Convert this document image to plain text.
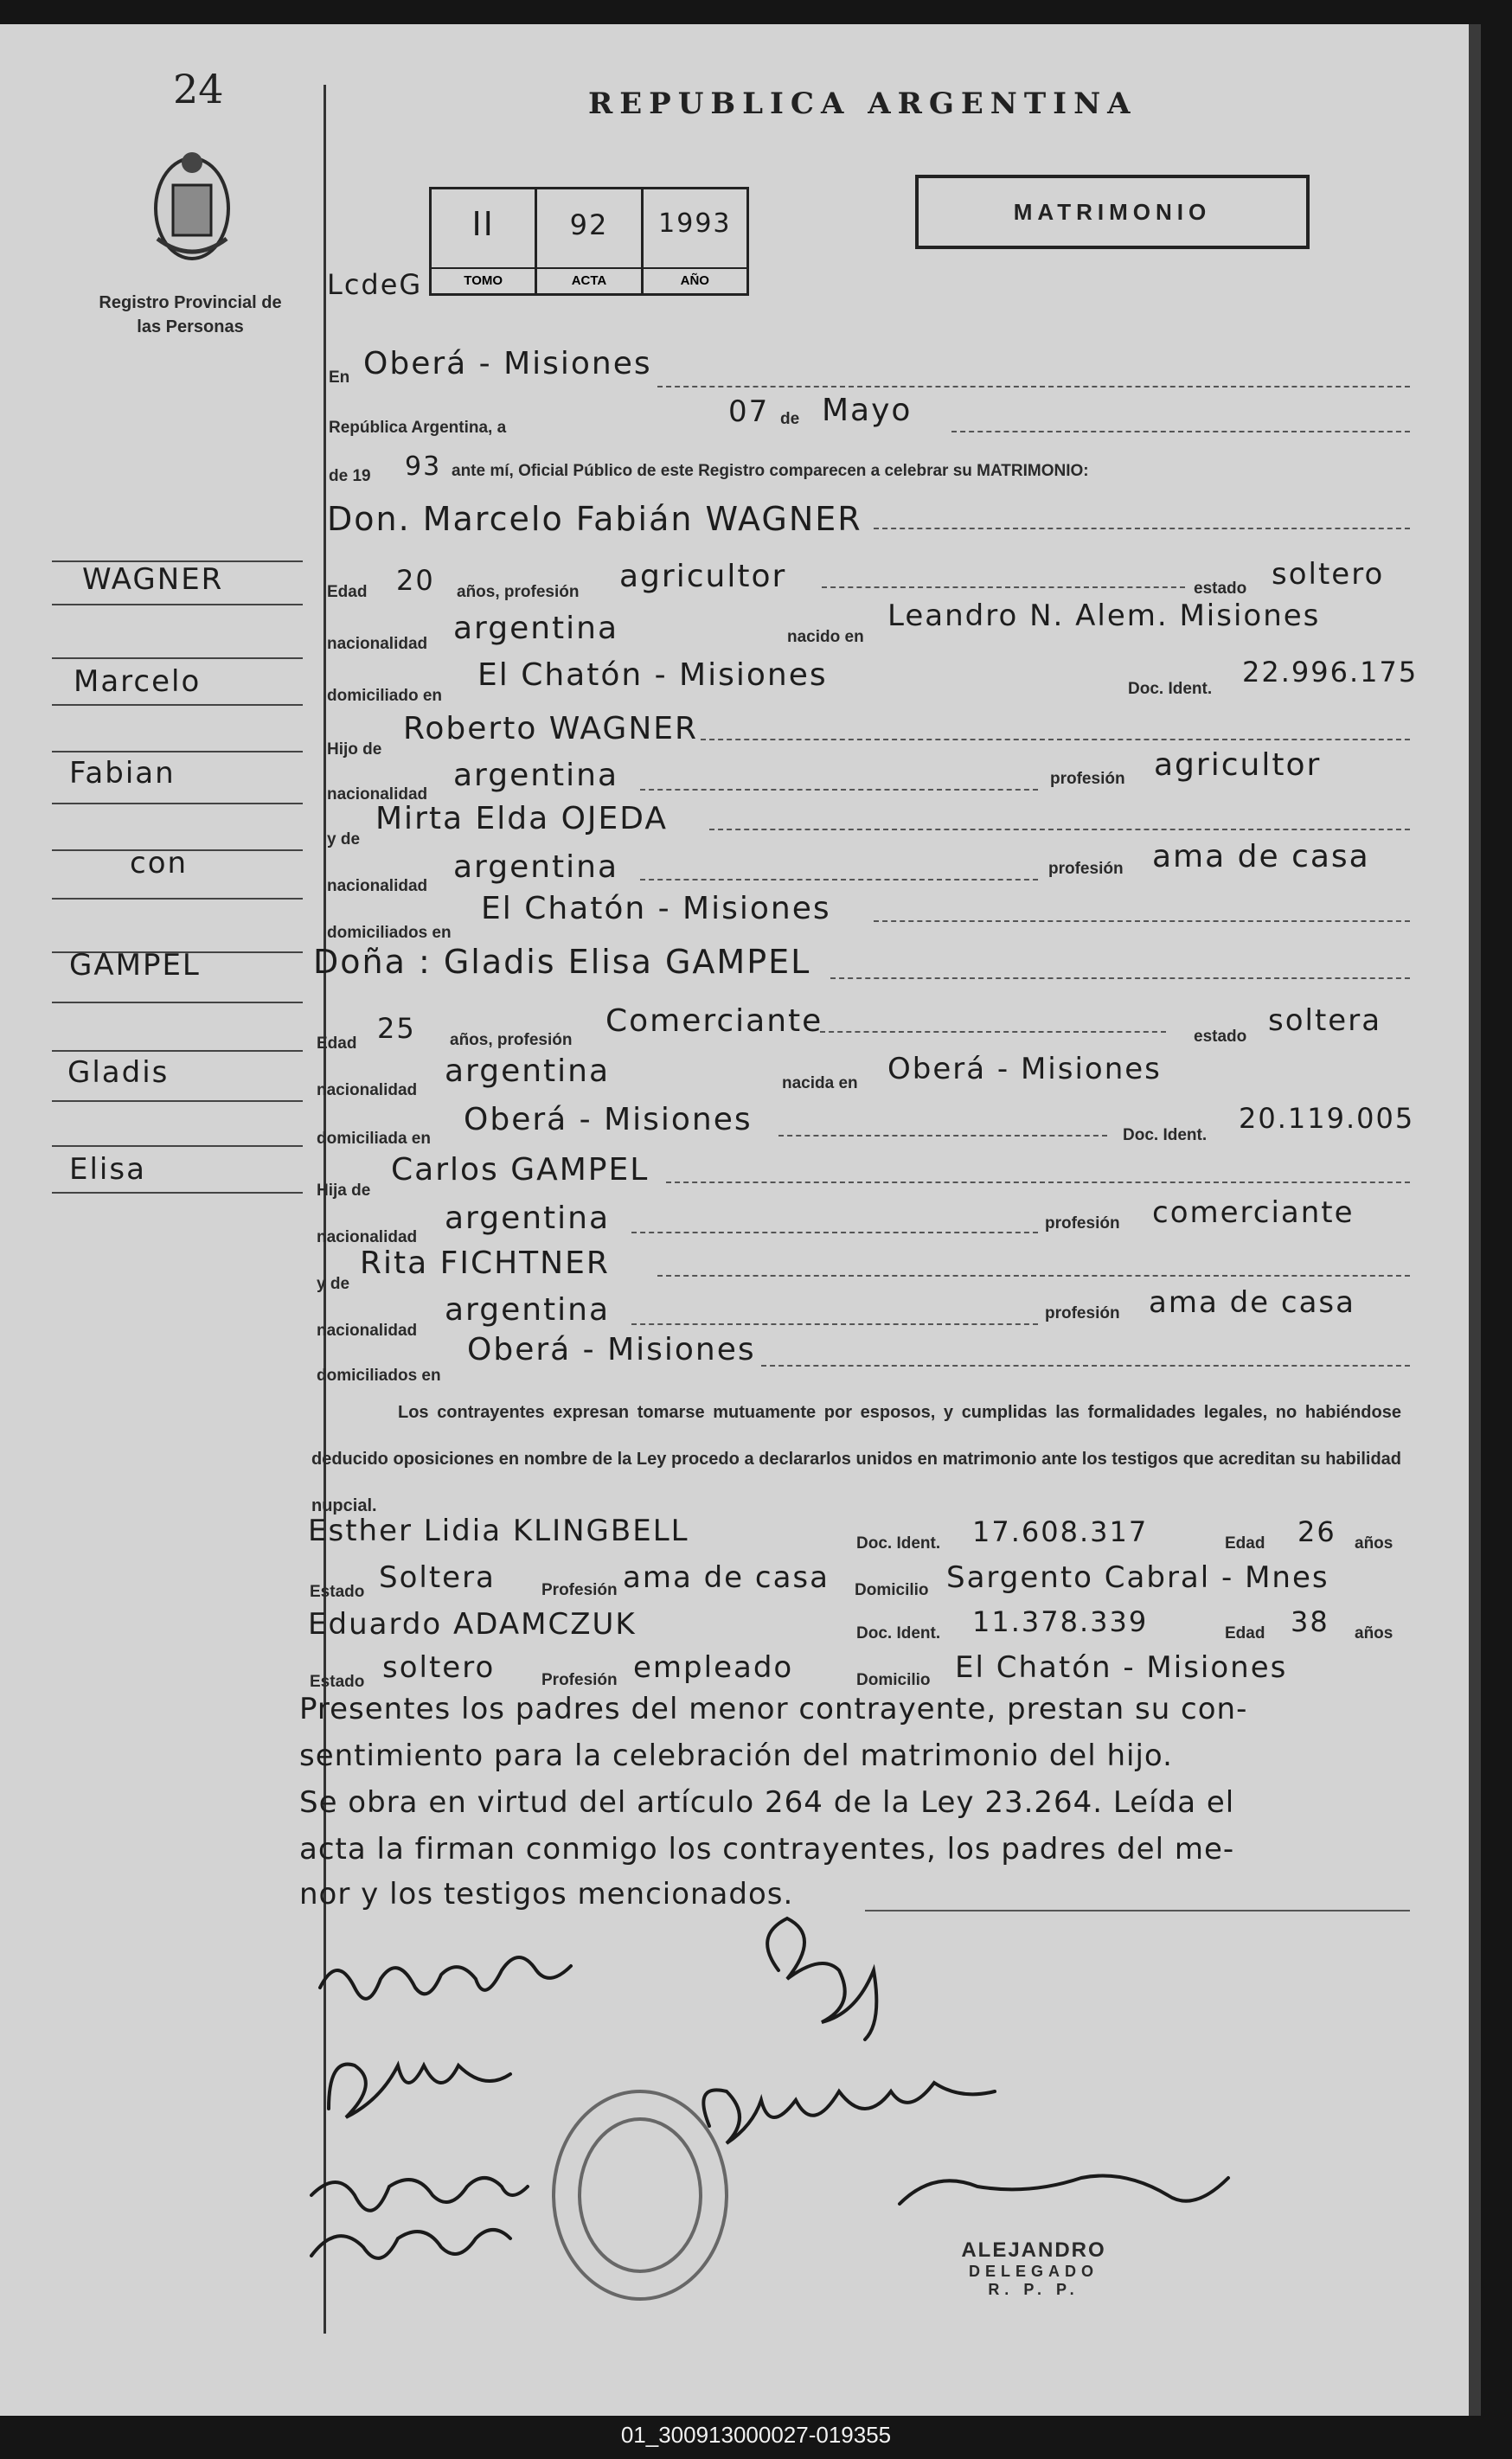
24
Registro Provincial de las Personas
WAGNER
Marcelo
Fabian
con
GAMPEL
Gladis
Elisa
REPUBLICA ARGENTINA
MATRIMONIO
LcdeG
II
TOMO
92
ACTA
1993
AÑO
En Oberá - Misiones
República Argentina, a	07 de Mayo
de 19 93 ante mí, Oficial Público de este Registro comparecen a celebrar su MATRIMONIO:
Don. Marcelo Fabián WAGNER
Edad 20 años, profesión agricultor	estado soltero
nacionalidad argentina	nacido en
Leandro N. Alem. Misiones
domiciliado en
El Chatón - Misiones	Doc. Ident.
22.996.175
Hijo de
Roberto WAGNER
nacionalidad
argentina	profesión agricultor
y de
Mirta Elda OJEDA
nacionalidad
argentina	profesión ama de casa
domiciliados en
El Chatón - Misiones
Doña : Gladis Elisa GAMPEL
Edad 25 años, profesión
Comerciante	estado soltera
nacionalidad
argentina	nacida en Oberá - Misiones
domiciliada en
Oberá - Misiones	Doc. Ident.
20.119.005
Hija de
Carlos GAMPEL
nacionalidad
argentina	profesión comerciante
y de
Rita FICHTNER
nacionalidad
argentina	profesión ama de casa
domiciliados en
Oberá - Misiones
Los contrayentes expresan tomarse mutuamente por esposos, y cumplidas las formalidades legales, no habiéndose deducido oposiciones en nombre de la Ley procedo a declararlos unidos en matrimonio ante los testigos que acreditan su habilidad nupcial.
Esther Lidia KLINGBELL	Doc. Ident. 17.608.317	Edad 26 años
Estado Soltera	Profesión ama de casa Domicilio Sargento Cabral - Mnes
Eduardo ADAMCZUK	Doc. Ident. 11.378.339	Edad 38 años
Estado soltero	Profesión empleado	Domicilio El Chatón - Misiones
Presentes los padres del menor contrayente, prestan su con-
sentimiento para la celebración del matrimonio del hijo.
Se obra en virtud del artículo 264 de la Ley 23.264. Leída el
acta la firman conmigo los contrayentes, los padres del me-
nor y los testigos mencionados.
ALEJANDRO
DELEGADO
R. P. P.
01_300913000027-019355
